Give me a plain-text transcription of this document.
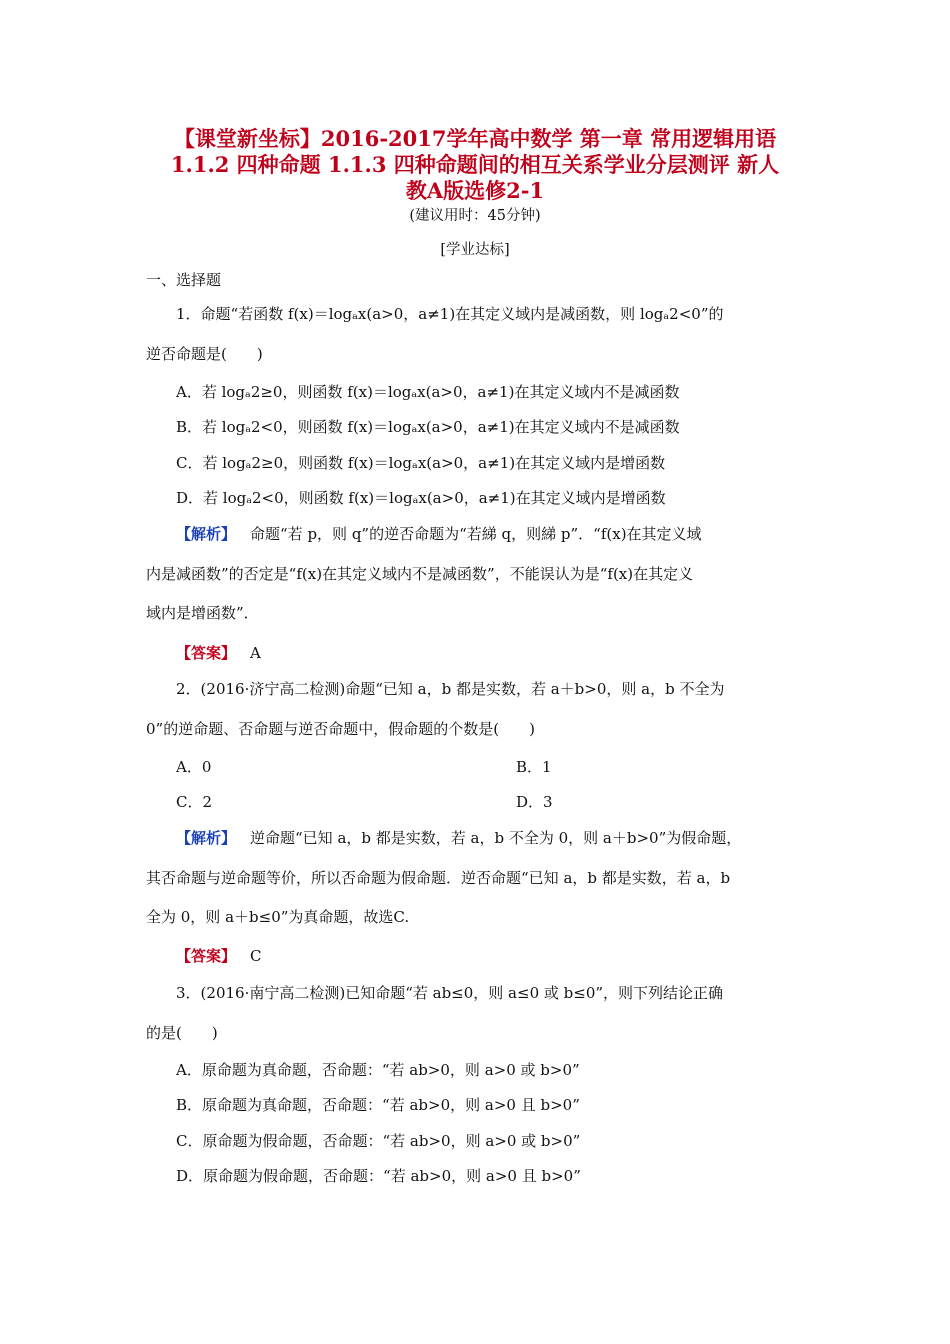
【课堂新坐标】2016-2017学年高中数学 第一章 常用逻辑用语
1.1.2 四种命题 1.1.3 四种命题间的相互关系学业分层测评 新人
教A版选修2-1
(建议用时：45分钟)
[学业达标]
一、选择题
1．命题“若函数 f(x)＝logₐx(a>0，a≠1)在其定义域内是减函数，则 logₐ2<0”的
逆否命题是(　　)
A．若 logₐ2≥0，则函数 f(x)＝logₐx(a>0，a≠1)在其定义域内不是减函数
B．若 logₐ2<0，则函数 f(x)＝logₐx(a>0，a≠1)在其定义域内不是减函数
C．若 logₐ2≥0，则函数 f(x)＝logₐx(a>0，a≠1)在其定义域内是增函数
D．若 logₐ2<0，则函数 f(x)＝logₐx(a>0，a≠1)在其定义域内是增函数
【解析】 命题“若 p，则 q”的逆否命题为“若綈 q，则綈 p”．“f(x)在其定义域
内是减函数”的否定是“f(x)在其定义域内不是减函数”，不能误认为是“f(x)在其定义
域内是增函数”．
【答案】 A
2．(2016·济宁高二检测)命题“已知 a，b 都是实数，若 a＋b>0，则 a，b 不全为
0”的逆命题、否命题与逆否命题中，假命题的个数是(　　)
A．0	B．1
C．2	D．3
【解析】 逆命题“已知 a，b 都是实数，若 a，b 不全为 0，则 a＋b>0”为假命题，
其否命题与逆命题等价，所以否命题为假命题．逆否命题“已知 a，b 都是实数，若 a，b
全为 0，则 a＋b≤0”为真命题，故选C.
【答案】 C
3．(2016·南宁高二检测)已知命题“若 ab≤0，则 a≤0 或 b≤0”，则下列结论正确
的是(　　)
A．原命题为真命题，否命题：“若 ab>0，则 a>0 或 b>0”
B．原命题为真命题，否命题：“若 ab>0，则 a>0 且 b>0”
C．原命题为假命题，否命题：“若 ab>0，则 a>0 或 b>0”
D．原命题为假命题，否命题：“若 ab>0，则 a>0 且 b>0”
